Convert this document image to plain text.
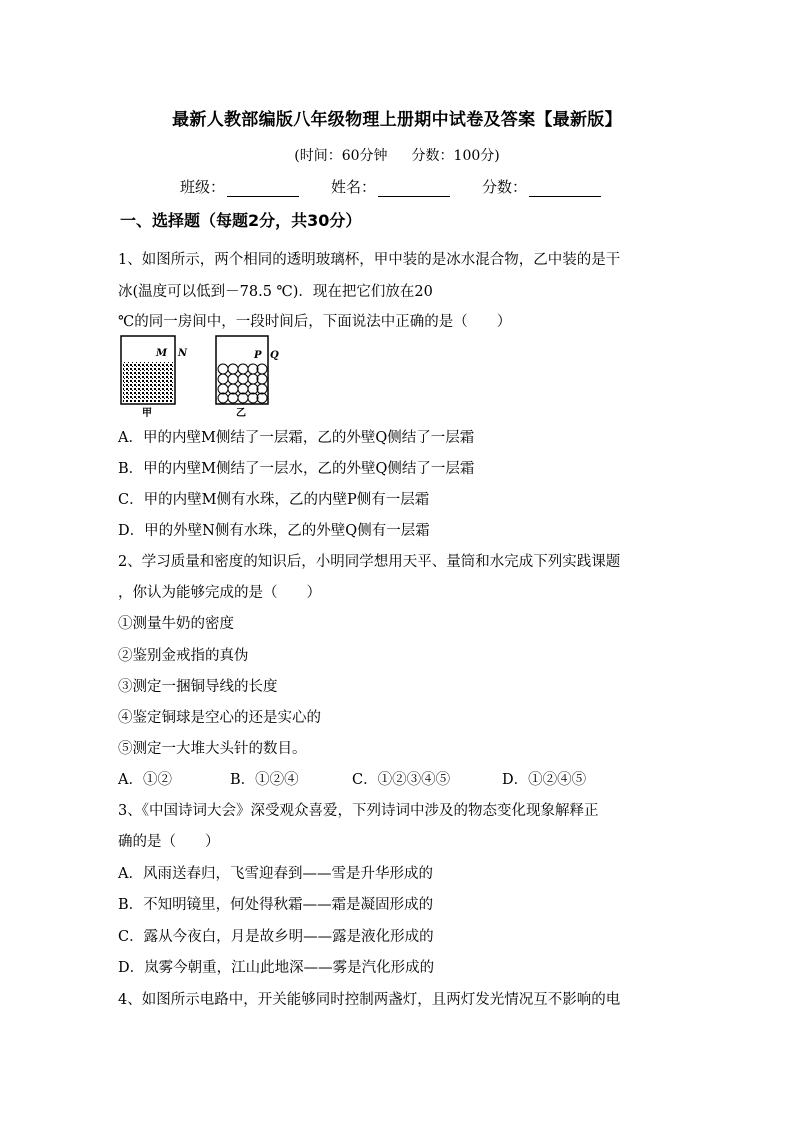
最新人教部编版八年级物理上册期中试卷及答案【最新版】
(时间：60分钟 分数：100分)
班级：	姓名：	分数：
一、选择题（每题2分，共30分）
1、如图所示，两个相同的透明玻璃杯，甲中装的是冰水混合物，乙中装的是干
冰(温度可以低到－78.5 ℃)．现在把它们放在20
℃的同一房间中，一段时间后，下面说法中正确的是（　　）
M N	P Q
甲	乙
A．甲的内壁M侧结了一层霜，乙的外壁Q侧结了一层霜
B．甲的内壁M侧结了一层水，乙的外壁Q侧结了一层霜
C．甲的内壁M侧有水珠，乙的内壁P侧有一层霜
D．甲的外壁N侧有水珠，乙的外壁Q侧有一层霜
2、学习质量和密度的知识后，小明同学想用天平、量筒和水完成下列实践课题
，你认为能够完成的是（　　）
①测量牛奶的密度
②鉴别金戒指的真伪
③测定一捆铜导线的长度
④鉴定铜球是空心的还是实心的
⑤测定一大堆大头针的数目。
A．①②	B．①②④	C．①②③④⑤	D．①②④⑤
3、《中国诗词大会》深受观众喜爱，下列诗词中涉及的物态变化现象解释正
确的是（　　）
A．风雨送春归，飞雪迎春到——雪是升华形成的
B．不知明镜里，何处得秋霜——霜是凝固形成的
C．露从今夜白，月是故乡明——露是液化形成的
D．岚雾今朝重，江山此地深——雾是汽化形成的
4、如图所示电路中，开关能够同时控制两盏灯，且两灯发光情况互不影响的电
